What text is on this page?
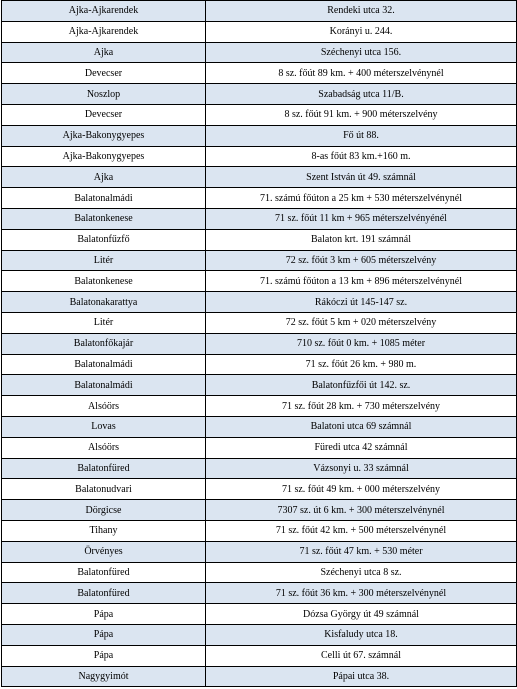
Ajka-Ajkarendek	Rendeki utca 32.
Ajka-Ajkarendek	Korányi u. 244.
Ajka	Széchenyi utca 156.
Devecser	8 sz. főút 89 km. + 400 méterszelvénynél
Noszlop	Szabadság utca 11/B.
Devecser	8 sz. főút 91 km. + 900 méterszelvény
Ajka-Bakonygyepes	Fő út 88.
Ajka-Bakonygyepes	8-as főút 83 km.+160 m.
Ajka	Szent István út 49. számnál
Balatonalmádi	71. számú főúton a 25 km + 530 méterszelvénynél
Balatonkenese	71 sz. főút 11 km + 965 méterszelvényénél
Balatonfűzfő	Balaton krt. 191 számnál
Litér	72 sz. főút 3 km + 605 méterszelvény
Balatonkenese	71. számú főúton a 13 km + 896 méterszelvénynél
Balatonakarattya	Rákóczi út 145-147 sz.
Litér	72 sz. főút 5 km + 020 méterszelvény
Balatonfőkajár	710 sz. főút 0 km. + 1085 méter
Balatonalmádi	71 sz. főút 26 km. + 980 m.
Balatonalmádi	Balatonfűzfői út 142. sz.
Alsóörs	71 sz. főút 28 km. + 730 méterszelvény
Lovas	Balatoni utca 69 számnál
Alsóörs	Füredi utca 42 számnál
Balatonfüred	Vázsonyi u. 33 számnál
Balatonudvari	71 sz. főút 49 km. + 000 méterszelvény
Dörgicse	7307 sz. út 6 km. + 300 méterszelvénynél
Tihany	71 sz. főút 42 km. + 500 méterszelvénynél
Örvényes	71 sz. főút 47 km. + 530 méter
Balatonfüred	Széchenyi utca 8 sz.
Balatonfüred	71 sz. főút 36 km. + 300 méterszelvénynél
Pápa	Dózsa György út 49 számnál
Pápa	Kisfaludy utca 18.
Pápa	Celli út 67. számnál
Nagygyimót	Pápai utca 38.
